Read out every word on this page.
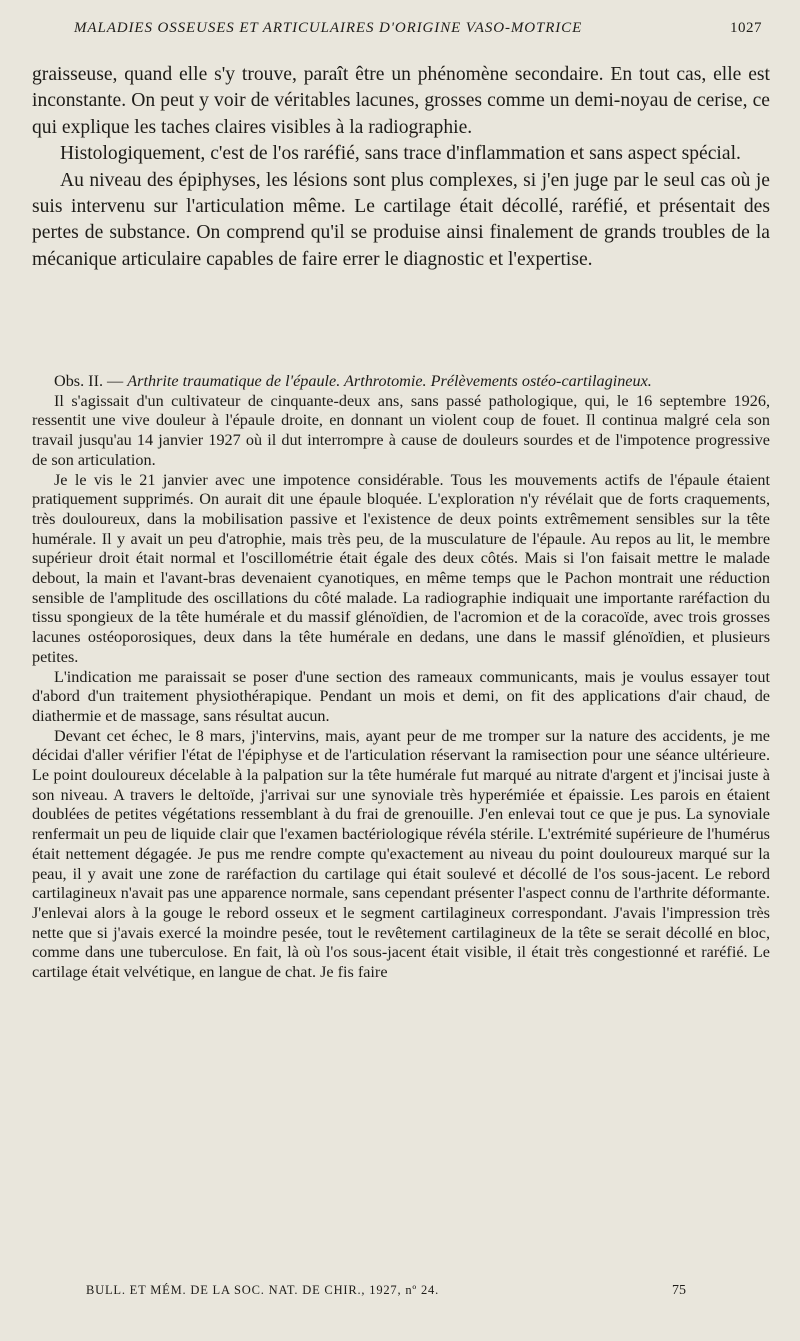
MALADIES OSSEUSES ET ARTICULAIRES D'ORIGINE VASO-MOTRICE	1027

graisseuse, quand elle s'y trouve, paraît être un phénomène secondaire. En tout cas, elle est inconstante. On peut y voir de véritables lacunes, grosses comme un demi-noyau de cerise, ce qui explique les taches claires visibles à la radiographie.

Histologiquement, c'est de l'os raréfié, sans trace d'inflammation et sans aspect spécial.

Au niveau des épiphyses, les lésions sont plus complexes, si j'en juge par le seul cas où je suis intervenu sur l'articulation même. Le cartilage était décollé, raréfié, et présentait des pertes de substance. On comprend qu'il se produise ainsi finalement de grands troubles de la mécanique articulaire capables de faire errer le diagnostic et l'expertise.

Obs. II. — Arthrite traumatique de l'épaule. Arthrotomie. Prélèvements ostéo-cartilagineux.

Il s'agissait d'un cultivateur de cinquante-deux ans, sans passé pathologique, qui, le 16 septembre 1926, ressentit une vive douleur à l'épaule droite, en donnant un violent coup de fouet. Il continua malgré cela son travail jusqu'au 14 janvier 1927 où il dut interrompre à cause de douleurs sourdes et de l'impotence progressive de son articulation.

Je le vis le 21 janvier avec une impotence considérable. Tous les mouvements actifs de l'épaule étaient pratiquement supprimés. On aurait dit une épaule bloquée. L'exploration n'y révélait que de forts craquements, très douloureux, dans la mobilisation passive et l'existence de deux points extrêmement sensibles sur la tête humérale. Il y avait un peu d'atrophie, mais très peu, de la musculature de l'épaule. Au repos au lit, le membre supérieur droit était normal et l'oscillométrie était égale des deux côtés. Mais si l'on faisait mettre le malade debout, la main et l'avant-bras devenaient cyanotiques, en même temps que le Pachon montrait une réduction sensible de l'amplitude des oscillations du côté malade. La radiographie indiquait une importante raréfaction du tissu spongieux de la tête humérale et du massif glénoïdien, de l'acromion et de la coracoïde, avec trois grosses lacunes ostéoporosiques, deux dans la tête humérale en dedans, une dans le massif glénoïdien, et plusieurs petites.

L'indication me paraissait se poser d'une section des rameaux communicants, mais je voulus essayer tout d'abord d'un traitement physiothérapique. Pendant un mois et demi, on fit des applications d'air chaud, de diathermie et de massage, sans résultat aucun.

Devant cet échec, le 8 mars, j'intervins, mais, ayant peur de me tromper sur la nature des accidents, je me décidai d'aller vérifier l'état de l'épiphyse et de l'articulation réservant la ramisection pour une séance ultérieure. Le point douloureux décelable à la palpation sur la tête humérale fut marqué au nitrate d'argent et j'incisai juste à son niveau. A travers le deltoïde, j'arrivai sur une synoviale très hyperémiée et épaissie. Les parois en étaient doublées de petites végétations ressemblant à du frai de grenouille. J'en enlevai tout ce que je pus. La synoviale renfermait un peu de liquide clair que l'examen bactériologique révéla stérile. L'extrémité supérieure de l'humérus était nettement dégagée. Je pus me rendre compte qu'exactement au niveau du point douloureux marqué sur la peau, il y avait une zone de raréfaction du cartilage qui était soulevé et décollé de l'os sous-jacent. Le rebord cartilagineux n'avait pas une apparence normale, sans cependant présenter l'aspect connu de l'arthrite déformante. J'enlevai alors à la gouge le rebord osseux et le segment cartilagineux correspondant. J'avais l'impression très nette que si j'avais exercé la moindre pesée, tout le revêtement cartilagineux de la tête se serait décollé en bloc, comme dans une tuberculose. En fait, là où l'os sous-jacent était visible, il était très congestionné et raréfié. Le cartilage était velvétique, en langue de chat. Je fis faire

BULL. ET MÉM. DE LA SOC. NAT. DE CHIR., 1927, nº 24.	75
